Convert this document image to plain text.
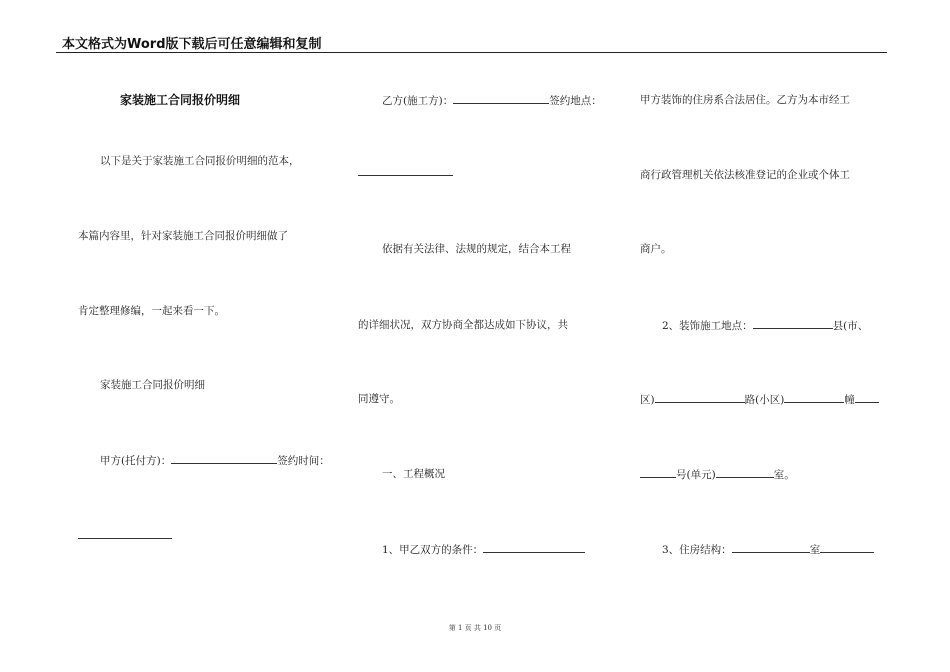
本文格式为Word版下载后可任意编辑和复制
家装施工合同报价明细
以下是关于家装施工合同报价明细的范本，
本篇内容里，针对家装施工合同报价明细做了
肯定整理修编，一起来看一下。
家装施工合同报价明细
甲方(托付方)：	签约时间：
乙方(施工方)：	签约地点：
依据有关法律、法规的规定，结合本工程
的详细状况，双方协商全都达成如下协议，共
同遵守。
一、工程概况
1、甲乙双方的条件：
甲方装饰的住房系合法居住。乙方为本市经工
商行政管理机关依法核准登记的企业或个体工
商户。
2、装饰施工地点：	县(市、
区)	路(小区)	幢
号(单元)	室。
3、住房结构：	室
第 1 页 共 10 页
